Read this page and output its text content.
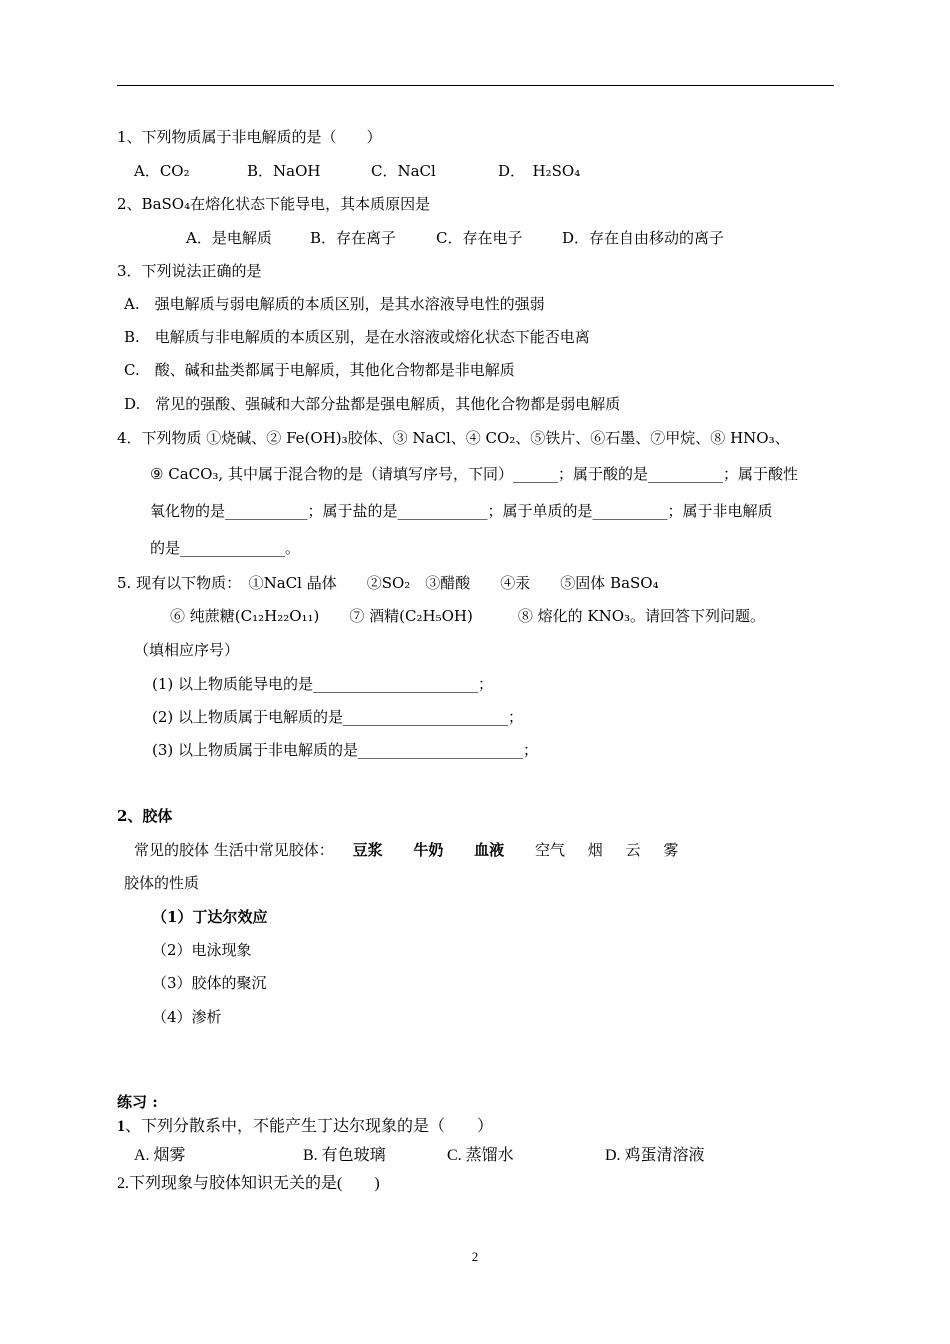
1、下列物质属于非电解质的是（　　）
A．CO₂	B．NaOH	C．NaCl	D．　H₂SO₄
2、BaSO₄在熔化状态下能导电，其本质原因是
A．是电解质	B．存在离子	C．存在电子	D．存在自由移动的离子
3．下列说法正确的是
A.　强电解质与弱电解质的本质区别，是其水溶液导电性的强弱
B.　电解质与非电解质的本质区别，是在水溶液或熔化状态下能否电离
C.　酸、碱和盐类都属于电解质，其他化合物都是非电解质
D.　常见的强酸、强碱和大部分盐都是强电解质，其他化合物都是弱电解质
4．下列物质 ①烧碱、② Fe(OH)₃胶体、③ NaCl、④ CO₂、⑤铁片、⑥石墨、⑦甲烷、⑧ HNO₃、
⑨ CaCO₃, 其中属于混合物的是（请填写序号，下同）______；属于酸的是__________；属于酸性
氧化物的是___________；属于盐的是____________；属于单质的是__________；属于非电解质
的是______________。
5. 现有以下物质：　①NaCl 晶体　　②SO₂　③醋酸　　④汞　　⑤固体 BaSO₄
⑥ 纯蔗糖(C₁₂H₂₂O₁₁)　　⑦ 酒精(C₂H₅OH)　　　⑧ 熔化的 KNO₃。请回答下列问题。
（填相应序号）
(1) 以上物质能导电的是______________________；
(2) 以上物质属于电解质的是______________________；
(3) 以上物质属于非电解质的是______________________；
2、胶体
常见的胶体 生活中常见胶体： 豆浆 牛奶 血液 空气 烟 云 雾
胶体的性质
（1）丁达尔效应
（2）电泳现象
（3）胶体的聚沉
（4）渗析
练习 :
1、下列分散系中，不能产生丁达尔现象的是（　　）
A. 烟雾	B. 有色玻璃	C. 蒸馏水	D. 鸡蛋清溶液
2.下列现象与胶体知识无关的是(　　)
2
